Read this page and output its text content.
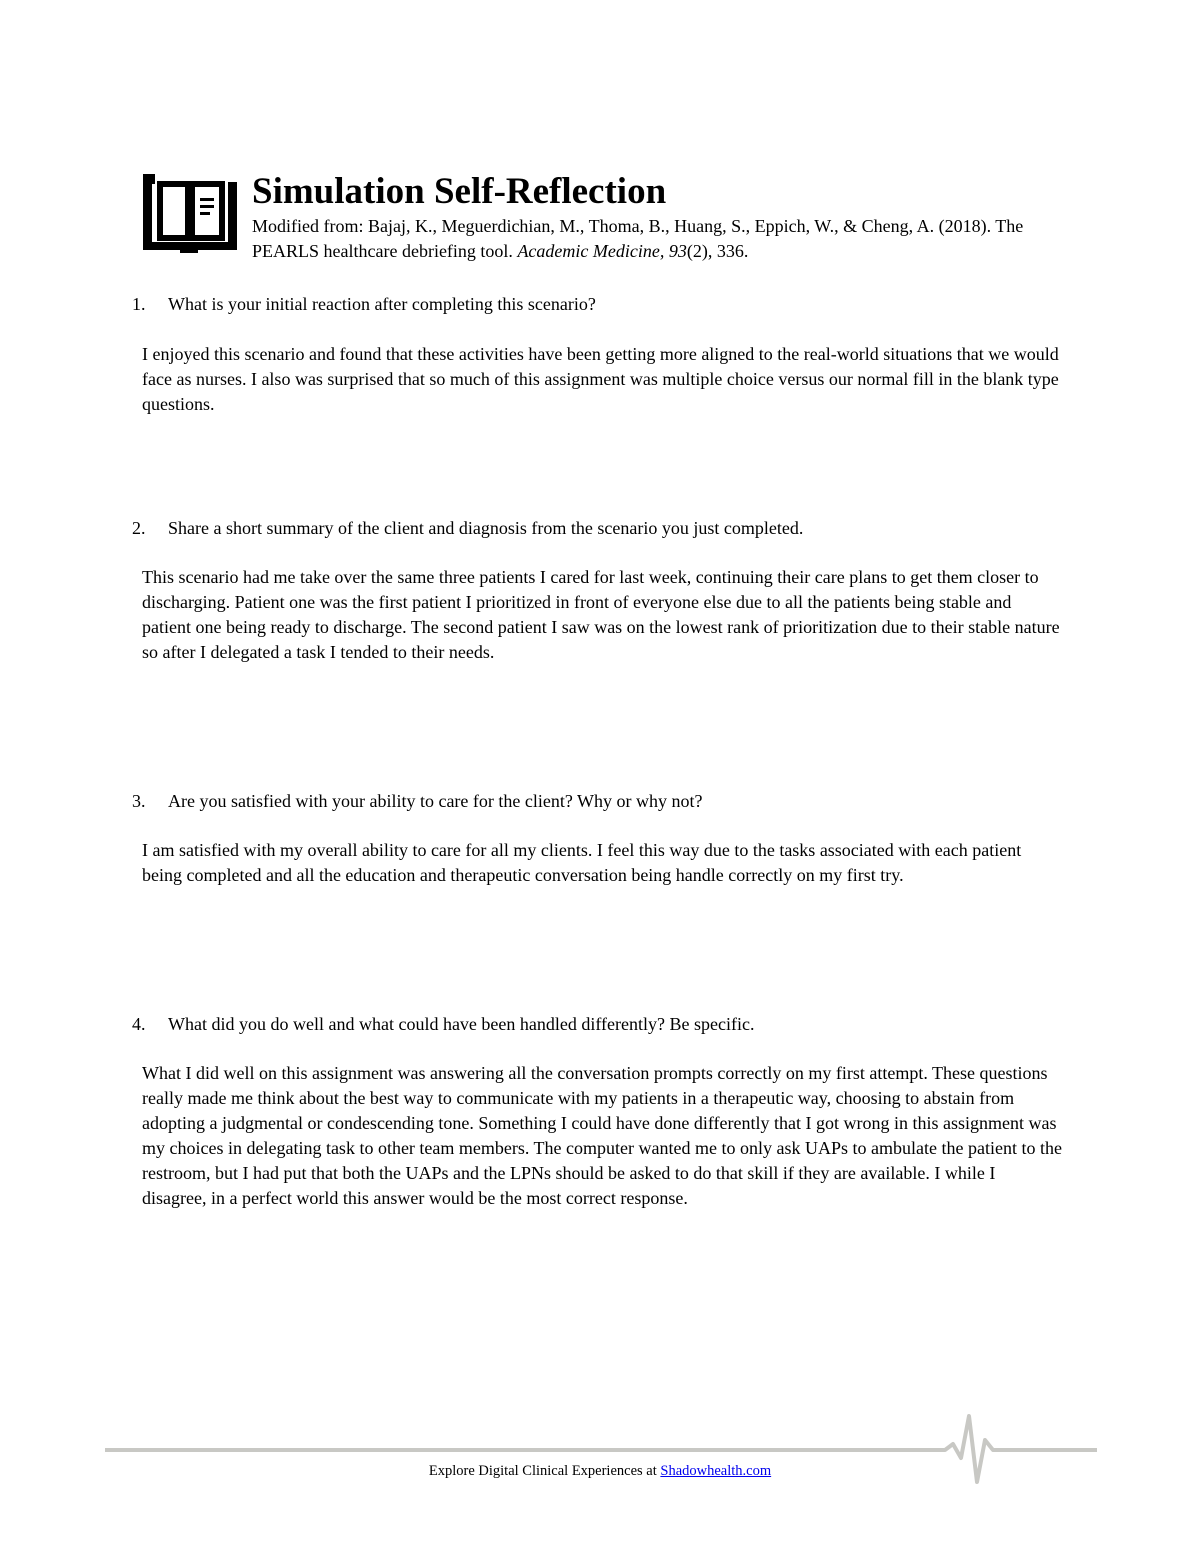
Simulation Self-Reflection
Modified from: Bajaj, K., Meguerdichian, M., Thoma, B., Huang, S., Eppich, W., & Cheng, A. (2018). The PEARLS healthcare debriefing tool. Academic Medicine, 93(2), 336.
1. What is your initial reaction after completing this scenario?
I enjoyed this scenario and found that these activities have been getting more aligned to the real-world situations that we would face as nurses. I also was surprised that so much of this assignment was multiple choice versus our normal fill in the blank type questions.
2. Share a short summary of the client and diagnosis from the scenario you just completed.
This scenario had me take over the same three patients I cared for last week, continuing their care plans to get them closer to discharging. Patient one was the first patient I prioritized in front of everyone else due to all the patients being stable and patient one being ready to discharge. The second patient I saw was on the lowest rank of prioritization due to their stable nature so after I delegated a task I tended to their needs.
3. Are you satisfied with your ability to care for the client? Why or why not?
I am satisfied with my overall ability to care for all my clients. I feel this way due to the tasks associated with each patient being completed and all the education and therapeutic conversation being handle correctly on my first try.
4. What did you do well and what could have been handled differently? Be specific.
What I did well on this assignment was answering all the conversation prompts correctly on my first attempt. These questions really made me think about the best way to communicate with my patients in a therapeutic way, choosing to abstain from adopting a judgmental or condescending tone. Something I could have done differently that I got wrong in this assignment was my choices in delegating task to other team members. The computer wanted me to only ask UAPs to ambulate the patient to the restroom, but I had put that both the UAPs and the LPNs should be asked to do that skill if they are available. I while I disagree, in a perfect world this answer would be the most correct response.
Explore Digital Clinical Experiences at Shadowhealth.com
